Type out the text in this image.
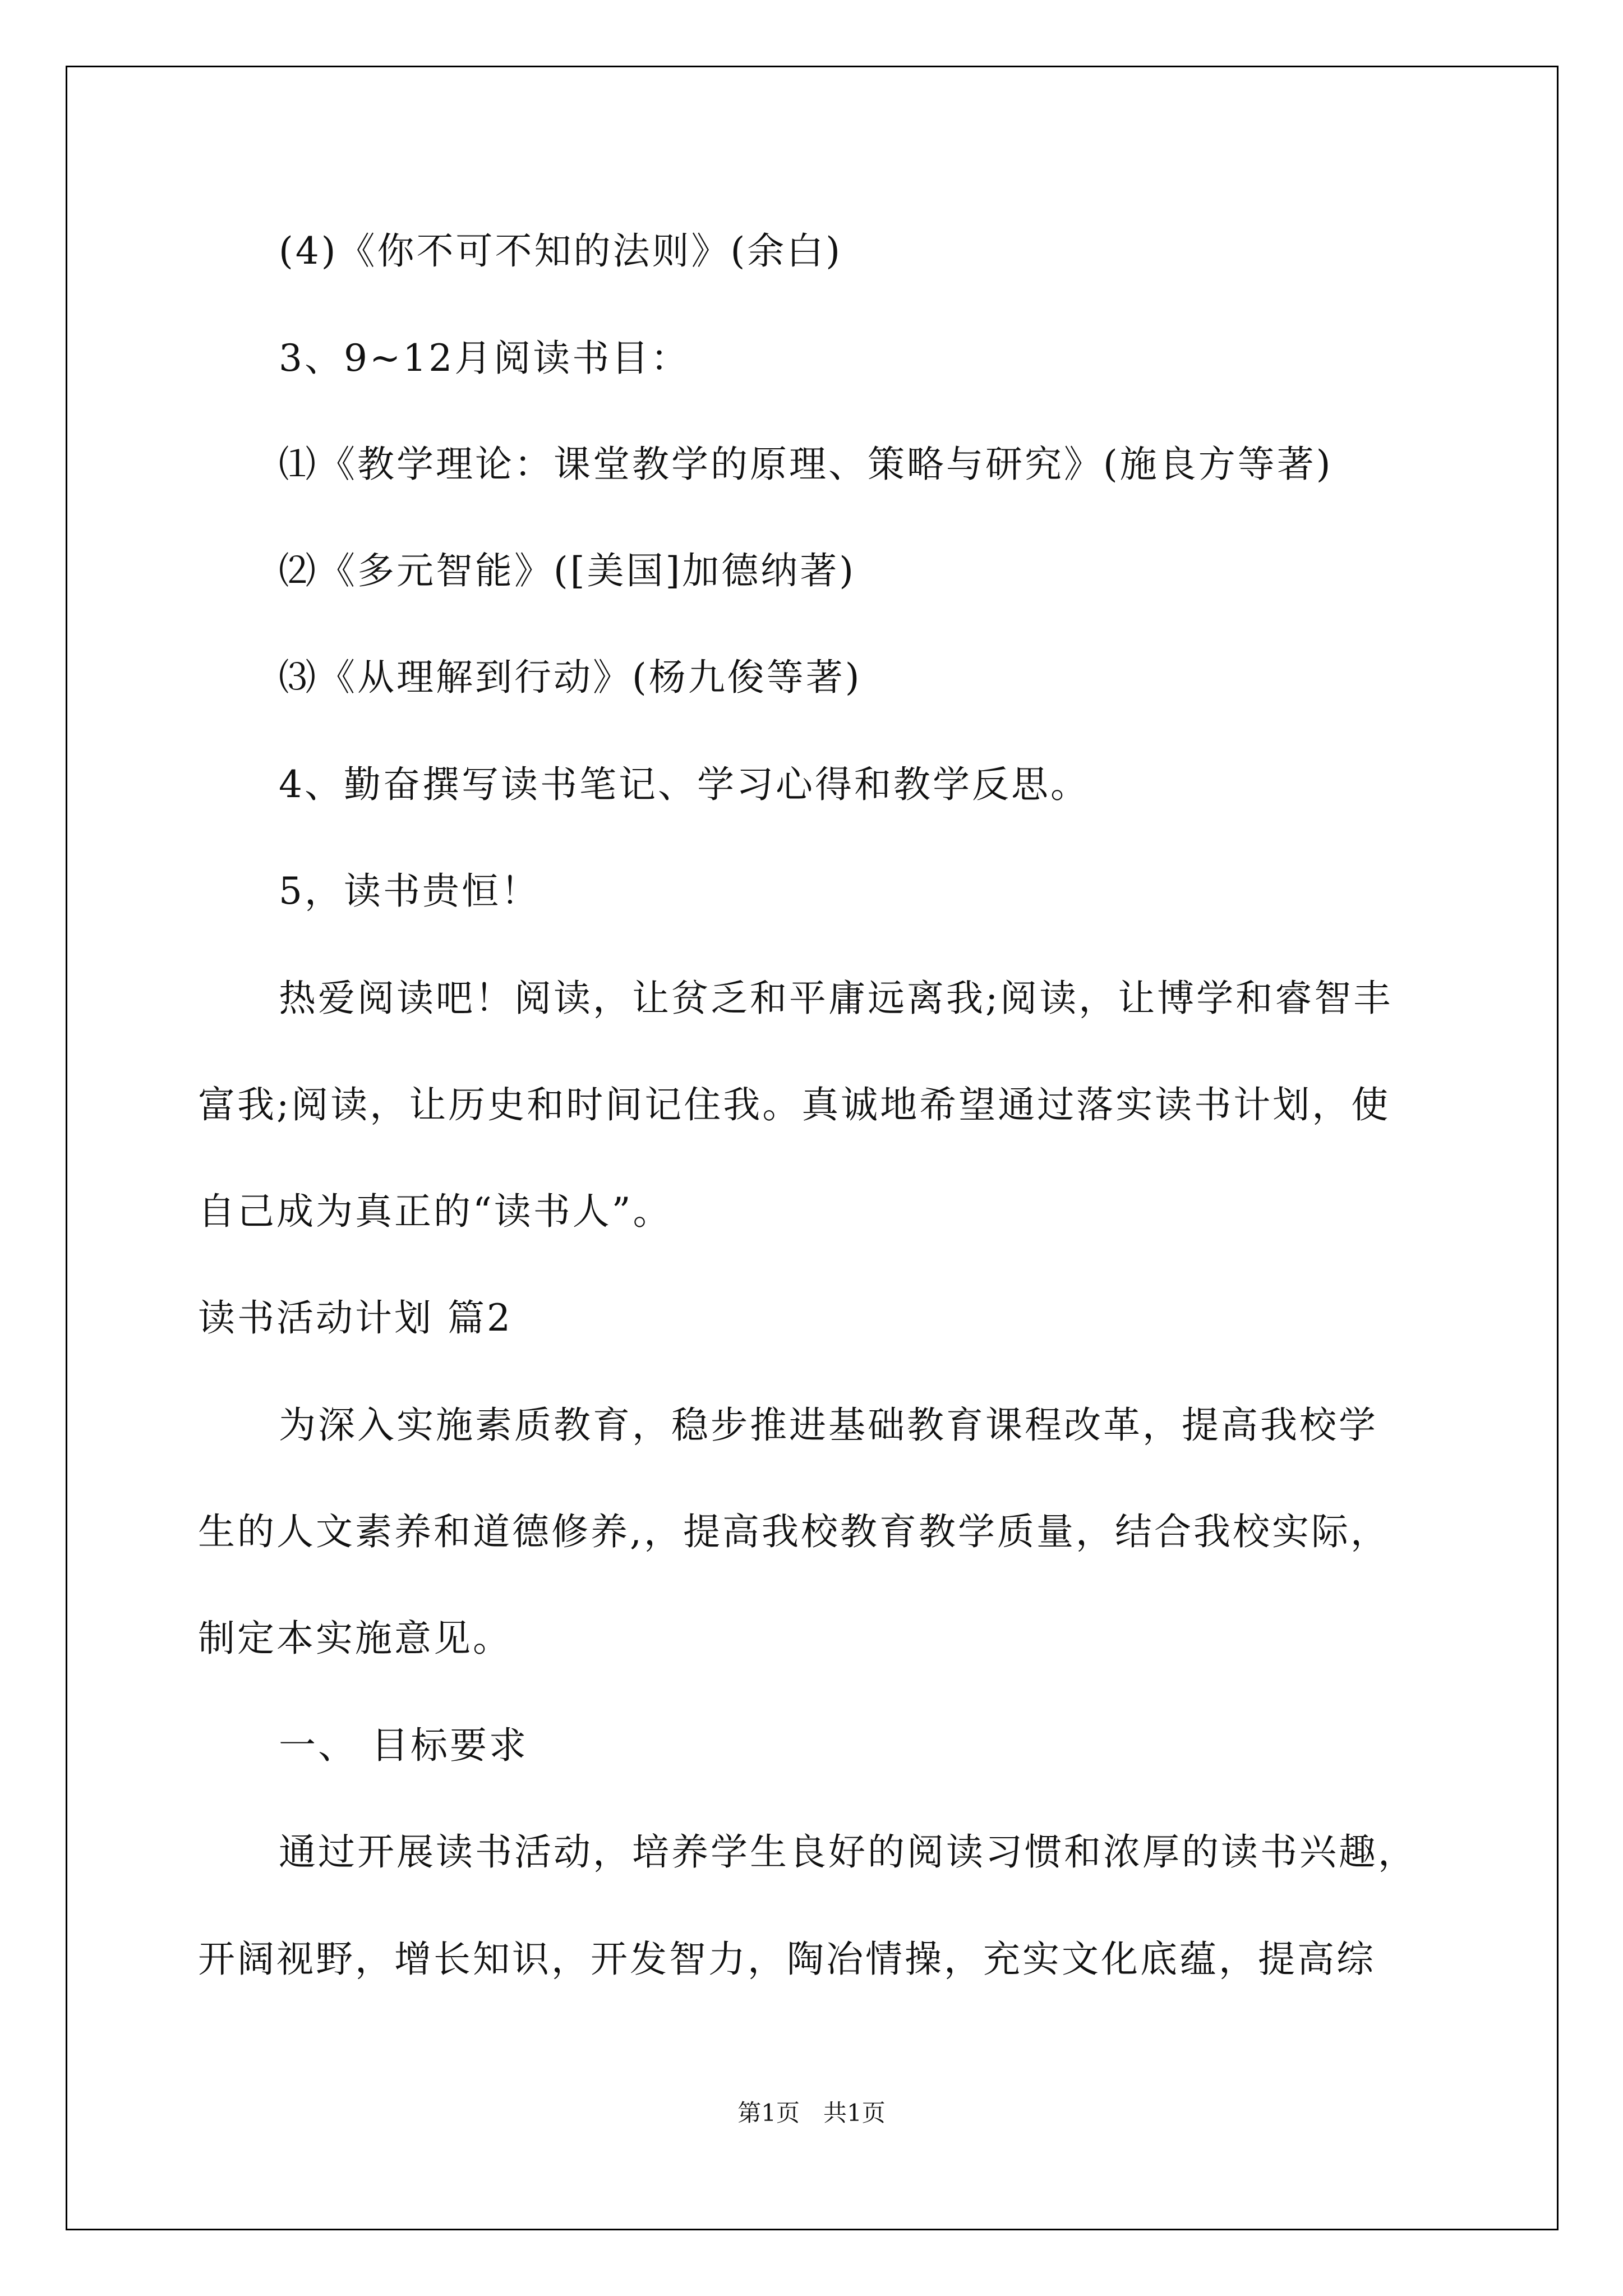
(4)《你不可不知的法则》(余白)
3、9~12月阅读书目：
⑴《教学理论：课堂教学的原理、策略与研究》(施良方等著)
⑵《多元智能》([美国]加德纳著)
⑶《从理解到行动》(杨九俊等著)
4、勤奋撰写读书笔记、学习心得和教学反思。
5，读书贵恒！
热爱阅读吧！阅读，让贫乏和平庸远离我;阅读，让博学和睿智丰
富我;阅读，让历史和时间记住我。真诚地希望通过落实读书计划，使
自己成为真正的“读书人”。
读书活动计划 篇2
为深入实施素质教育，稳步推进基础教育课程改革，提高我校学
生的人文素养和道德修养,，提高我校教育教学质量，结合我校实际，
制定本实施意见。
一、 目标要求
通过开展读书活动，培养学生良好的阅读习惯和浓厚的读书兴趣，
开阔视野，增长知识，开发智力，陶冶情操，充实文化底蕴，提高综
第1页　共1页
